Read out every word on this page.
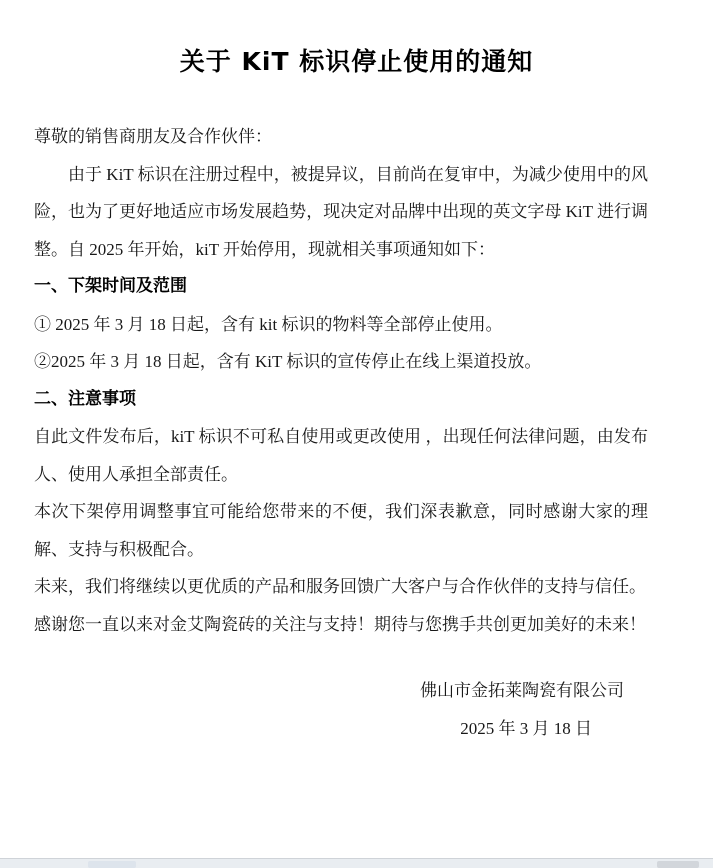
关于 KiT 标识停止使用的通知
尊敬的销售商朋友及合作伙伴：
由于 KiT 标识在注册过程中，被提异议，目前尚在复审中，为减少使用中的风险，也为了更好地适应市场发展趋势，现决定对品牌中出现的英文字母 KiT 进行调整。自 2025 年开始，kiT 开始停用，现就相关事项通知如下：
一、下架时间及范围
① 2025 年 3 月 18 日起，含有 kit 标识的物料等全部停止使用。
②2025 年 3 月 18 日起，含有 KiT 标识的宣传停止在线上渠道投放。
二、注意事项
自此文件发布后，kiT 标识不可私自使用或更改使用 ，出现任何法律问题，由发布人、使用人承担全部责任。
本次下架停用调整事宜可能给您带来的不便，我们深表歉意，同时感谢大家的理解、支持与积极配合。
未来，我们将继续以更优质的产品和服务回馈广大客户与合作伙伴的支持与信任。
感谢您一直以来对金艾陶瓷砖的关注与支持！期待与您携手共创更加美好的未来！
佛山市金拓莱陶瓷有限公司
2025 年 3 月 18 日
